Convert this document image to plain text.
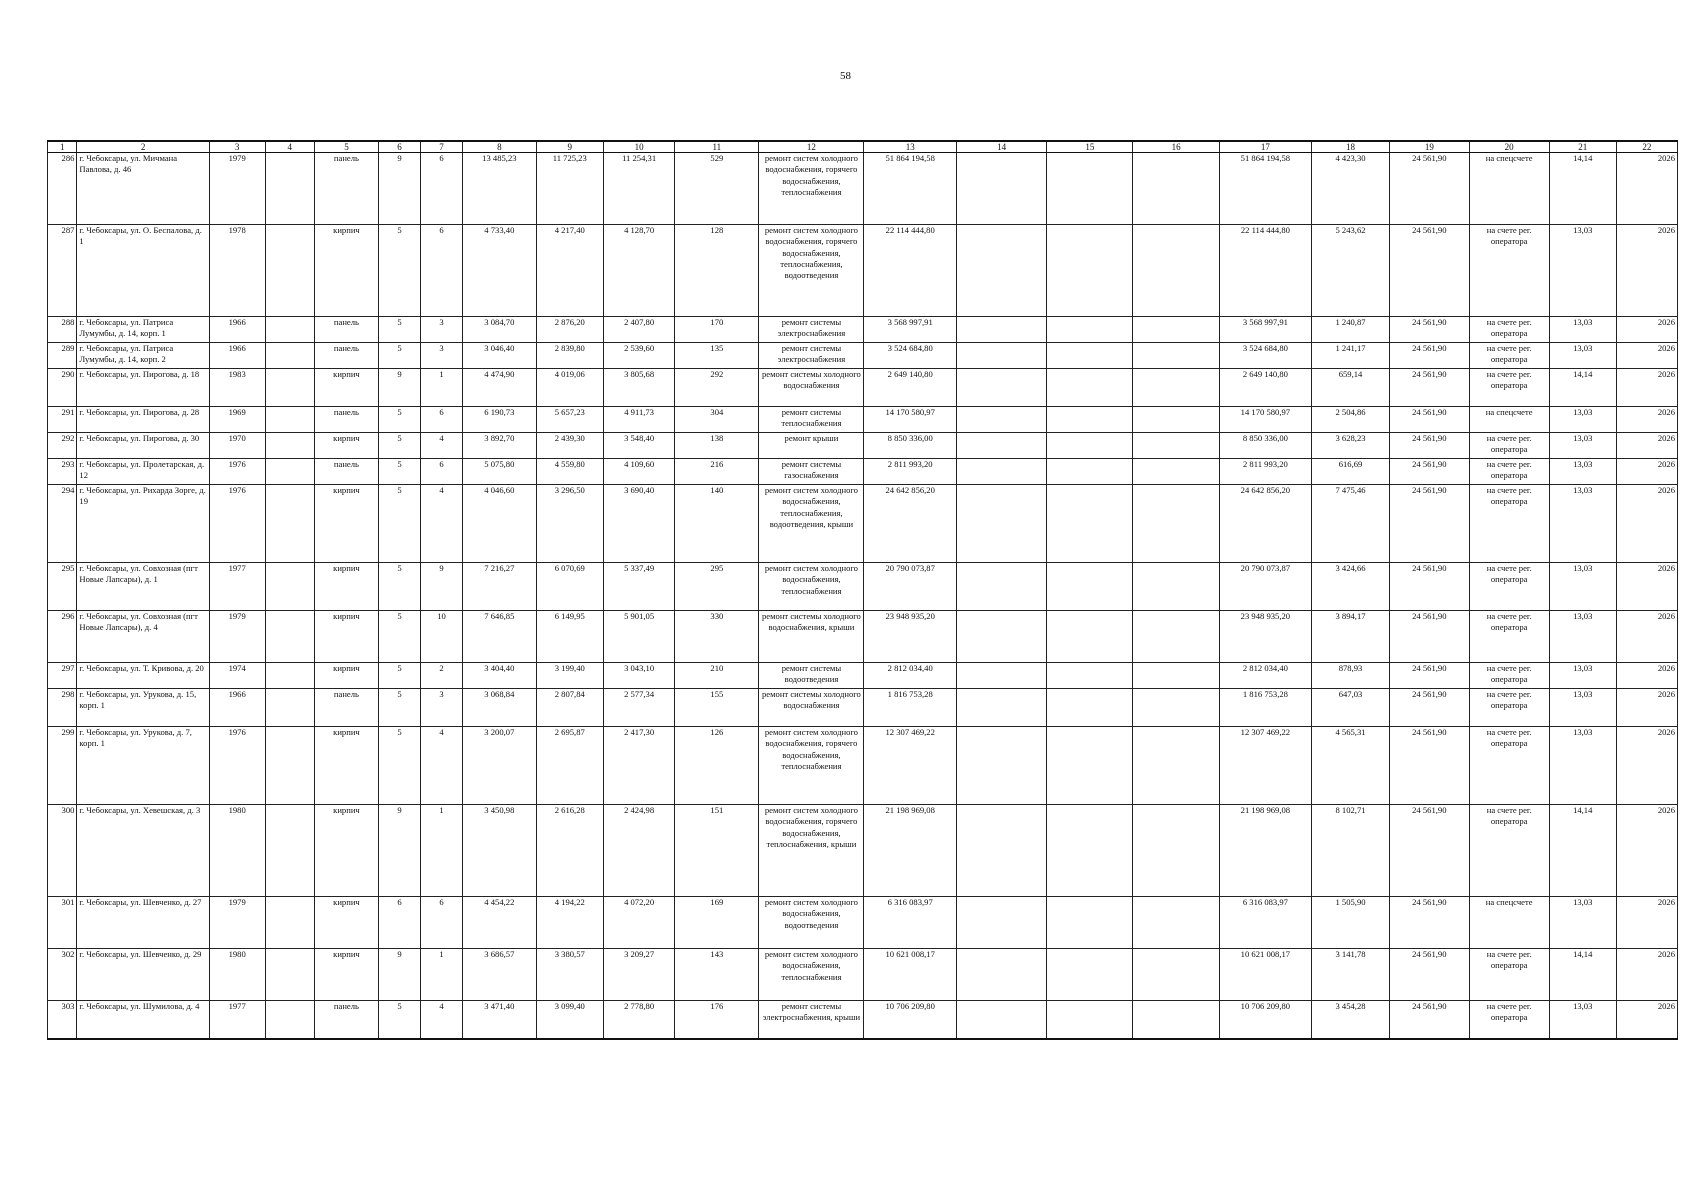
58
1	2	3	4	5	6	7	8	9	10	11	12	13	14	15	16	17	18	19	20	21	22
286	г. Чебоксары, ул. Мичмана Павлова, д. 46	1979		панель	9	6	13 485,23	11 725,23	11 254,31	529	ремонт систем холодного водоснабжения, горячего водоснабжения, теплоснабжения	51 864 194,58				51 864 194,58	4 423,30	24 561,90	на спецсчете	14,14	2026
287	г. Чебоксары, ул. О. Беспалова, д. 1	1978		кирпич	5	6	4 733,40	4 217,40	4 128,70	128	ремонт систем холодного водоснабжения, горячего водоснабжения, теплоснабжения, водоотведения	22 114 444,80				22 114 444,80	5 243,62	24 561,90	на счете рег. оператора	13,03	2026
288	г. Чебоксары, ул. Патриса Лумумбы, д. 14, корп. 1	1966		панель	5	3	3 084,70	2 876,20	2 407,80	170	ремонт системы электроснабжения	3 568 997,91				3 568 997,91	1 240,87	24 561,90	на счете рег. оператора	13,03	2026
289	г. Чебоксары, ул. Патриса Лумумбы, д. 14, корп. 2	1966		панель	5	3	3 046,40	2 839,80	2 539,60	135	ремонт системы электроснабжения	3 524 684,80				3 524 684,80	1 241,17	24 561,90	на счете рег. оператора	13,03	2026
290	г. Чебоксары, ул. Пирогова, д. 18	1983		кирпич	9	1	4 474,90	4 019,06	3 805,68	292	ремонт системы холодного водоснабжения	2 649 140,80				2 649 140,80	659,14	24 561,90	на счете рег. оператора	14,14	2026
291	г. Чебоксары, ул. Пирогова, д. 28	1969		панель	5	6	6 190,73	5 657,23	4 911,73	304	ремонт системы теплоснабжения	14 170 580,97				14 170 580,97	2 504,86	24 561,90	на спецсчете	13,03	2026
292	г. Чебоксары, ул. Пирогова, д. 30	1970		кирпич	5	4	3 892,70	2 439,30	3 548,40	138	ремонт крыши	8 850 336,00				8 850 336,00	3 628,23	24 561,90	на счете рег. оператора	13,03	2026
293	г. Чебоксары, ул. Пролетарская, д. 12	1976		панель	5	6	5 075,80	4 559,80	4 109,60	216	ремонт системы газоснабжения	2 811 993,20				2 811 993,20	616,69	24 561,90	на счете рег. оператора	13,03	2026
294	г. Чебоксары, ул. Рихарда Зорге, д. 19	1976		кирпич	5	4	4 046,60	3 296,50	3 690,40	140	ремонт систем холодного водоснабжения, теплоснабжения, водоотведения, крыши	24 642 856,20				24 642 856,20	7 475,46	24 561,90	на счете рег. оператора	13,03	2026
295	г. Чебоксары, ул. Совхозная (пгт Новые Лапсары), д. 1	1977		кирпич	5	9	7 216,27	6 070,69	5 337,49	295	ремонт систем холодного водоснабжения, теплоснабжения	20 790 073,87				20 790 073,87	3 424,66	24 561,90	на счете рег. оператора	13,03	2026
296	г. Чебоксары, ул. Совхозная (пгт Новые Лапсары), д. 4	1979		кирпич	5	10	7 646,85	6 149,95	5 901,05	330	ремонт системы холодного водоснабжения, крыши	23 948 935,20				23 948 935,20	3 894,17	24 561,90	на счете рег. оператора	13,03	2026
297	г. Чебоксары, ул. Т. Кривова, д. 20	1974		кирпич	5	2	3 404,40	3 199,40	3 043,10	210	ремонт системы водоотведения	2 812 034,40				2 812 034,40	878,93	24 561,90	на счете рег. оператора	13,03	2026
298	г. Чебоксары, ул. Урукова, д. 15, корп. 1	1966		панель	5	3	3 068,84	2 807,84	2 577,34	155	ремонт системы холодного водоснабжения	1 816 753,28				1 816 753,28	647,03	24 561,90	на счете рег. оператора	13,03	2026
299	г. Чебоксары, ул. Урукова, д. 7, корп. 1	1976		кирпич	5	4	3 200,07	2 695,87	2 417,30	126	ремонт систем холодного водоснабжения, горячего водоснабжения, теплоснабжения	12 307 469,22				12 307 469,22	4 565,31	24 561,90	на счете рег. оператора	13,03	2026
300	г. Чебоксары, ул. Хевешская, д. 3	1980		кирпич	9	1	3 450,98	2 616,28	2 424,98	151	ремонт систем холодного водоснабжения, горячего водоснабжения, теплоснабжения, крыши	21 198 969,08				21 198 969,08	8 102,71	24 561,90	на счете рег. оператора	14,14	2026
301	г. Чебоксары, ул. Шевченко, д. 27	1979		кирпич	6	6	4 454,22	4 194,22	4 072,20	169	ремонт систем холодного водоснабжения, водоотведения	6 316 083,97				6 316 083,97	1 505,90	24 561,90	на спецсчете	13,03	2026
302	г. Чебоксары, ул. Шевченко, д. 29	1980		кирпич	9	1	3 686,57	3 380,57	3 209,27	143	ремонт систем холодного водоснабжения, теплоснабжения	10 621 008,17				10 621 008,17	3 141,78	24 561,90	на счете рег. оператора	14,14	2026
303	г. Чебоксары, ул. Шумилова, д. 4	1977		панель	5	4	3 471,40	3 099,40	2 778,80	176	ремонт системы электроснабжения, крыши	10 706 209,80				10 706 209,80	3 454,28	24 561,90	на счете рег. оператора	13,03	2026
